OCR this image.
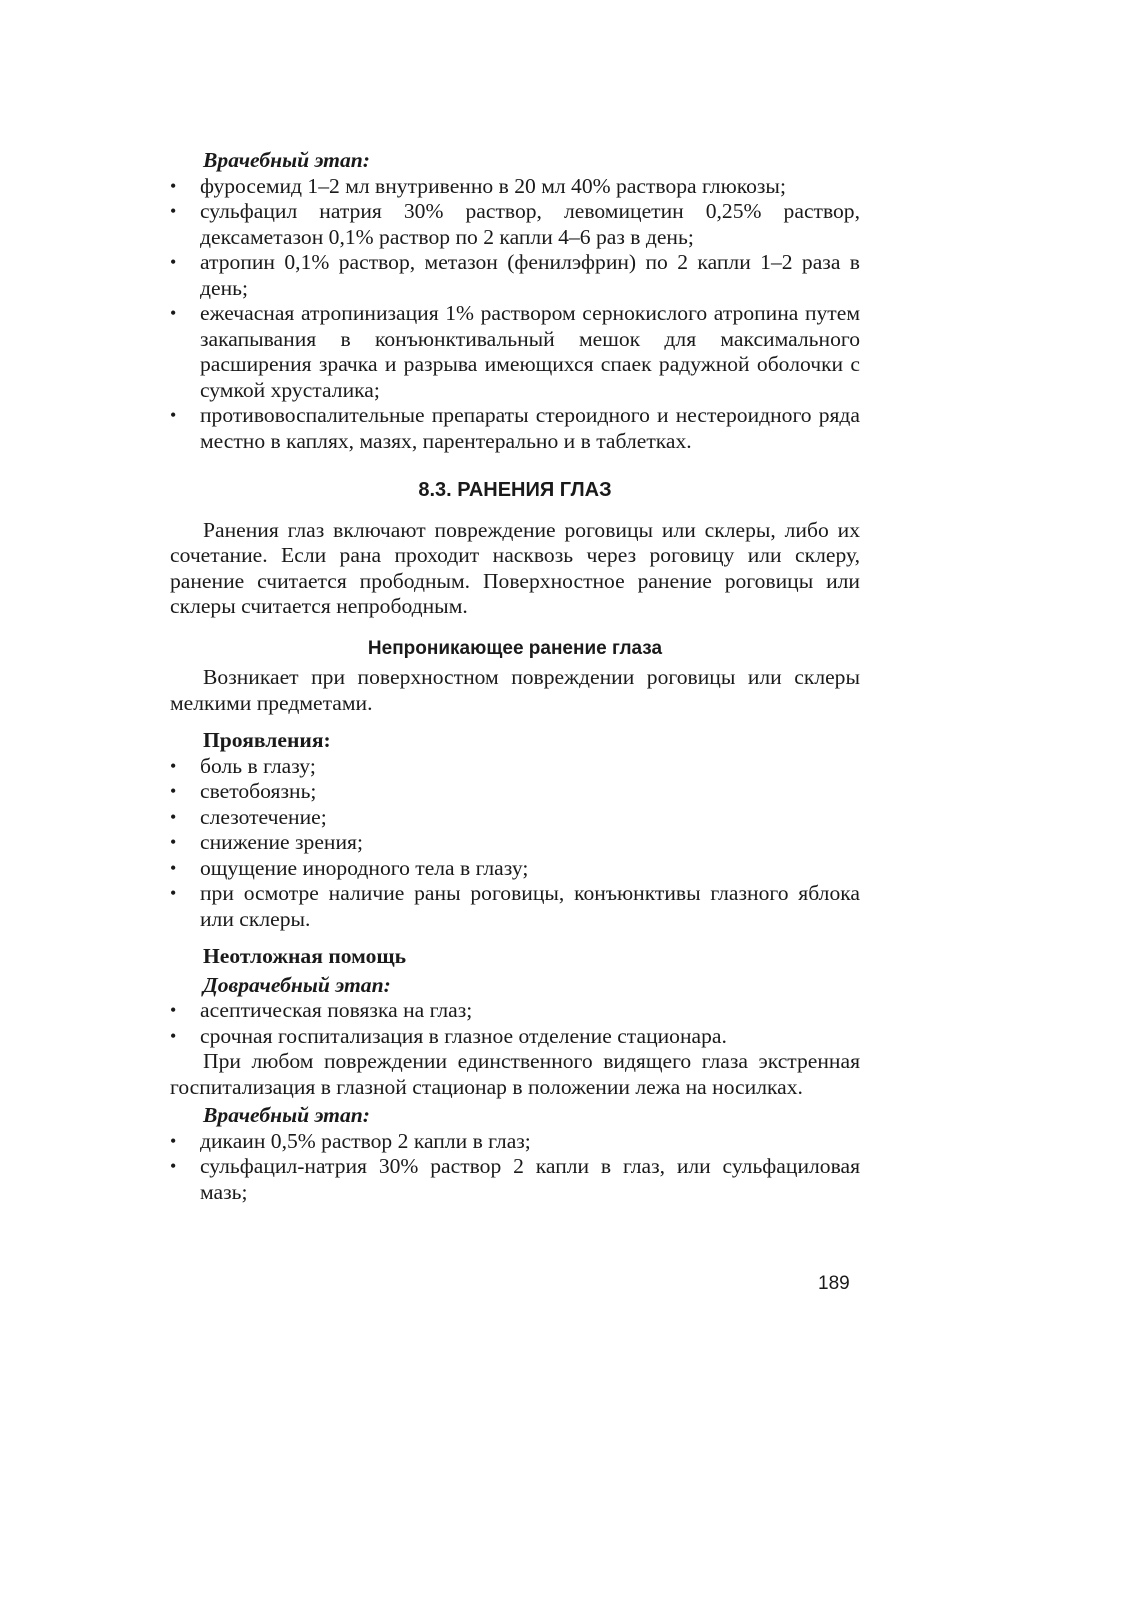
Врачебный этап:
• фуросемид 1–2 мл внутривенно в 20 мл 40% раствора глюкозы;
• сульфацил натрия 30% раствор, левомицетин 0,25% раствор, дексаметазон 0,1% раствор по 2 капли 4–6 раз в день;
• атропин 0,1% раствор, метазон (фенилэфрин) по 2 капли 1–2 раза в день;
• ежечасная атропинизация 1% раствором сернокислого атропина путем закапывания в конъюнктивальный мешок для максимального расширения зрачка и разрыва имеющихся спаек радужной оболочки с сумкой хрусталика;
• противовоспалительные препараты стероидного и нестероидного ряда местно в каплях, мазях, парентерально и в таблетках.
8.3. РАНЕНИЯ ГЛАЗ

Ранения глаз включают повреждение роговицы или склеры, либо их сочетание. Если рана проходит насквозь через роговицу или склеру, ранение считается прободным. Поверхностное ранение роговицы или склеры считается непрободным.

Непроникающее ранение глаза

Возникает при поверхностном повреждении роговицы или склеры мелкими предметами.

Проявления:
• боль в глазу;
• светобоязнь;
• слезотечение;
• снижение зрения;
• ощущение инородного тела в глазу;
• при осмотре наличие раны роговицы, конъюнктивы глазного яблока или склеры.
Неотложная помощь
Доврачебный этап:
• асептическая повязка на глаз;
• срочная госпитализация в глазное отделение стационара.

При любом повреждении единственного видящего глаза экстренная госпитализация в глазной стационар в положении лежа на носилках.

Врачебный этап:
• дикаин 0,5% раствор 2 капли в глаз;
• сульфацил-натрия 30% раствор 2 капли в глаз, или сульфациловая мазь;
189
